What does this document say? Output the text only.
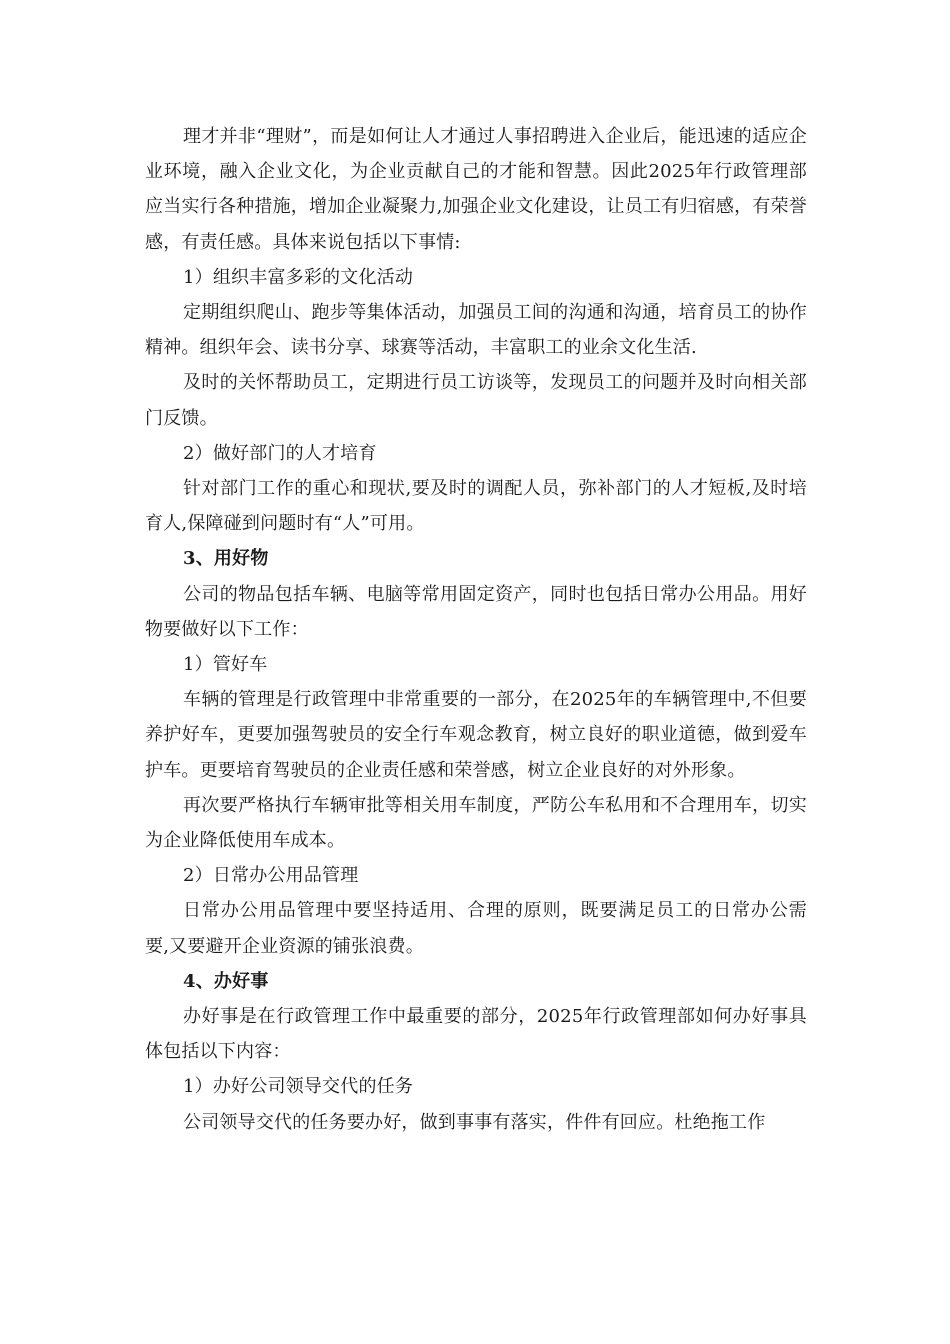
理才并非“理财”，而是如何让人才通过人事招聘进入企业后，能迅速的适应企业环境，融入企业文化，为企业贡献自己的才能和智慧。因此2025年行政管理部应当实行各种措施，增加企业凝聚力,加强企业文化建设，让员工有归宿感，有荣誉感，有责任感。具体来说包括以下事情:

1）组织丰富多彩的文化活动

定期组织爬山、跑步等集体活动，加强员工间的沟通和沟通，培育员工的协作精神。组织年会、读书分享、球赛等活动，丰富职工的业余文化生活.

及时的关怀帮助员工，定期进行员工访谈等，发现员工的问题并及时向相关部门反馈。

2）做好部门的人才培育

针对部门工作的重心和现状,要及时的调配人员，弥补部门的人才短板,及时培育人,保障碰到问题时有“人”可用。

3、用好物

公司的物品包括车辆、电脑等常用固定资产，同时也包括日常办公用品。用好物要做好以下工作：

1）管好车

车辆的管理是行政管理中非常重要的一部分，在2025年的车辆管理中,不但要养护好车，更要加强驾驶员的安全行车观念教育，树立良好的职业道德，做到爱车护车。更要培育驾驶员的企业责任感和荣誉感，树立企业良好的对外形象。

再次要严格执行车辆审批等相关用车制度，严防公车私用和不合理用车，切实为企业降低使用车成本。

2）日常办公用品管理

日常办公用品管理中要坚持适用、合理的原则，既要满足员工的日常办公需要,又要避开企业资源的铺张浪费。

4、办好事

办好事是在行政管理工作中最重要的部分，2025年行政管理部如何办好事具体包括以下内容：

1）办好公司领导交代的任务

公司领导交代的任务要办好，做到事事有落实，件件有回应。杜绝拖工作
